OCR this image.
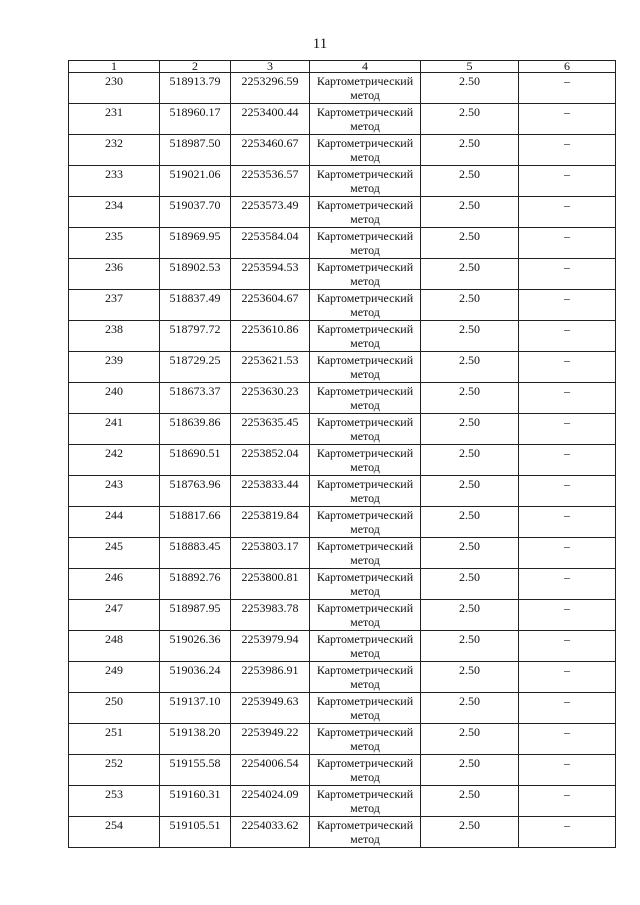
11
1	2	3	4	5	6
230	518913.79	2253296.59	Картометрический метод	2.50	–
231	518960.17	2253400.44	Картометрический метод	2.50	–
232	518987.50	2253460.67	Картометрический метод	2.50	–
233	519021.06	2253536.57	Картометрический метод	2.50	–
234	519037.70	2253573.49	Картометрический метод	2.50	–
235	518969.95	2253584.04	Картометрический метод	2.50	–
236	518902.53	2253594.53	Картометрический метод	2.50	–
237	518837.49	2253604.67	Картометрический метод	2.50	–
238	518797.72	2253610.86	Картометрический метод	2.50	–
239	518729.25	2253621.53	Картометрический метод	2.50	–
240	518673.37	2253630.23	Картометрический метод	2.50	–
241	518639.86	2253635.45	Картометрический метод	2.50	–
242	518690.51	2253852.04	Картометрический метод	2.50	–
243	518763.96	2253833.44	Картометрический метод	2.50	–
244	518817.66	2253819.84	Картометрический метод	2.50	–
245	518883.45	2253803.17	Картометрический метод	2.50	–
246	518892.76	2253800.81	Картометрический метод	2.50	–
247	518987.95	2253983.78	Картометрический метод	2.50	–
248	519026.36	2253979.94	Картометрический метод	2.50	–
249	519036.24	2253986.91	Картометрический метод	2.50	–
250	519137.10	2253949.63	Картометрический метод	2.50	–
251	519138.20	2253949.22	Картометрический метод	2.50	–
252	519155.58	2254006.54	Картометрический метод	2.50	–
253	519160.31	2254024.09	Картометрический метод	2.50	–
254	519105.51	2254033.62	Картометрический метод	2.50	–
